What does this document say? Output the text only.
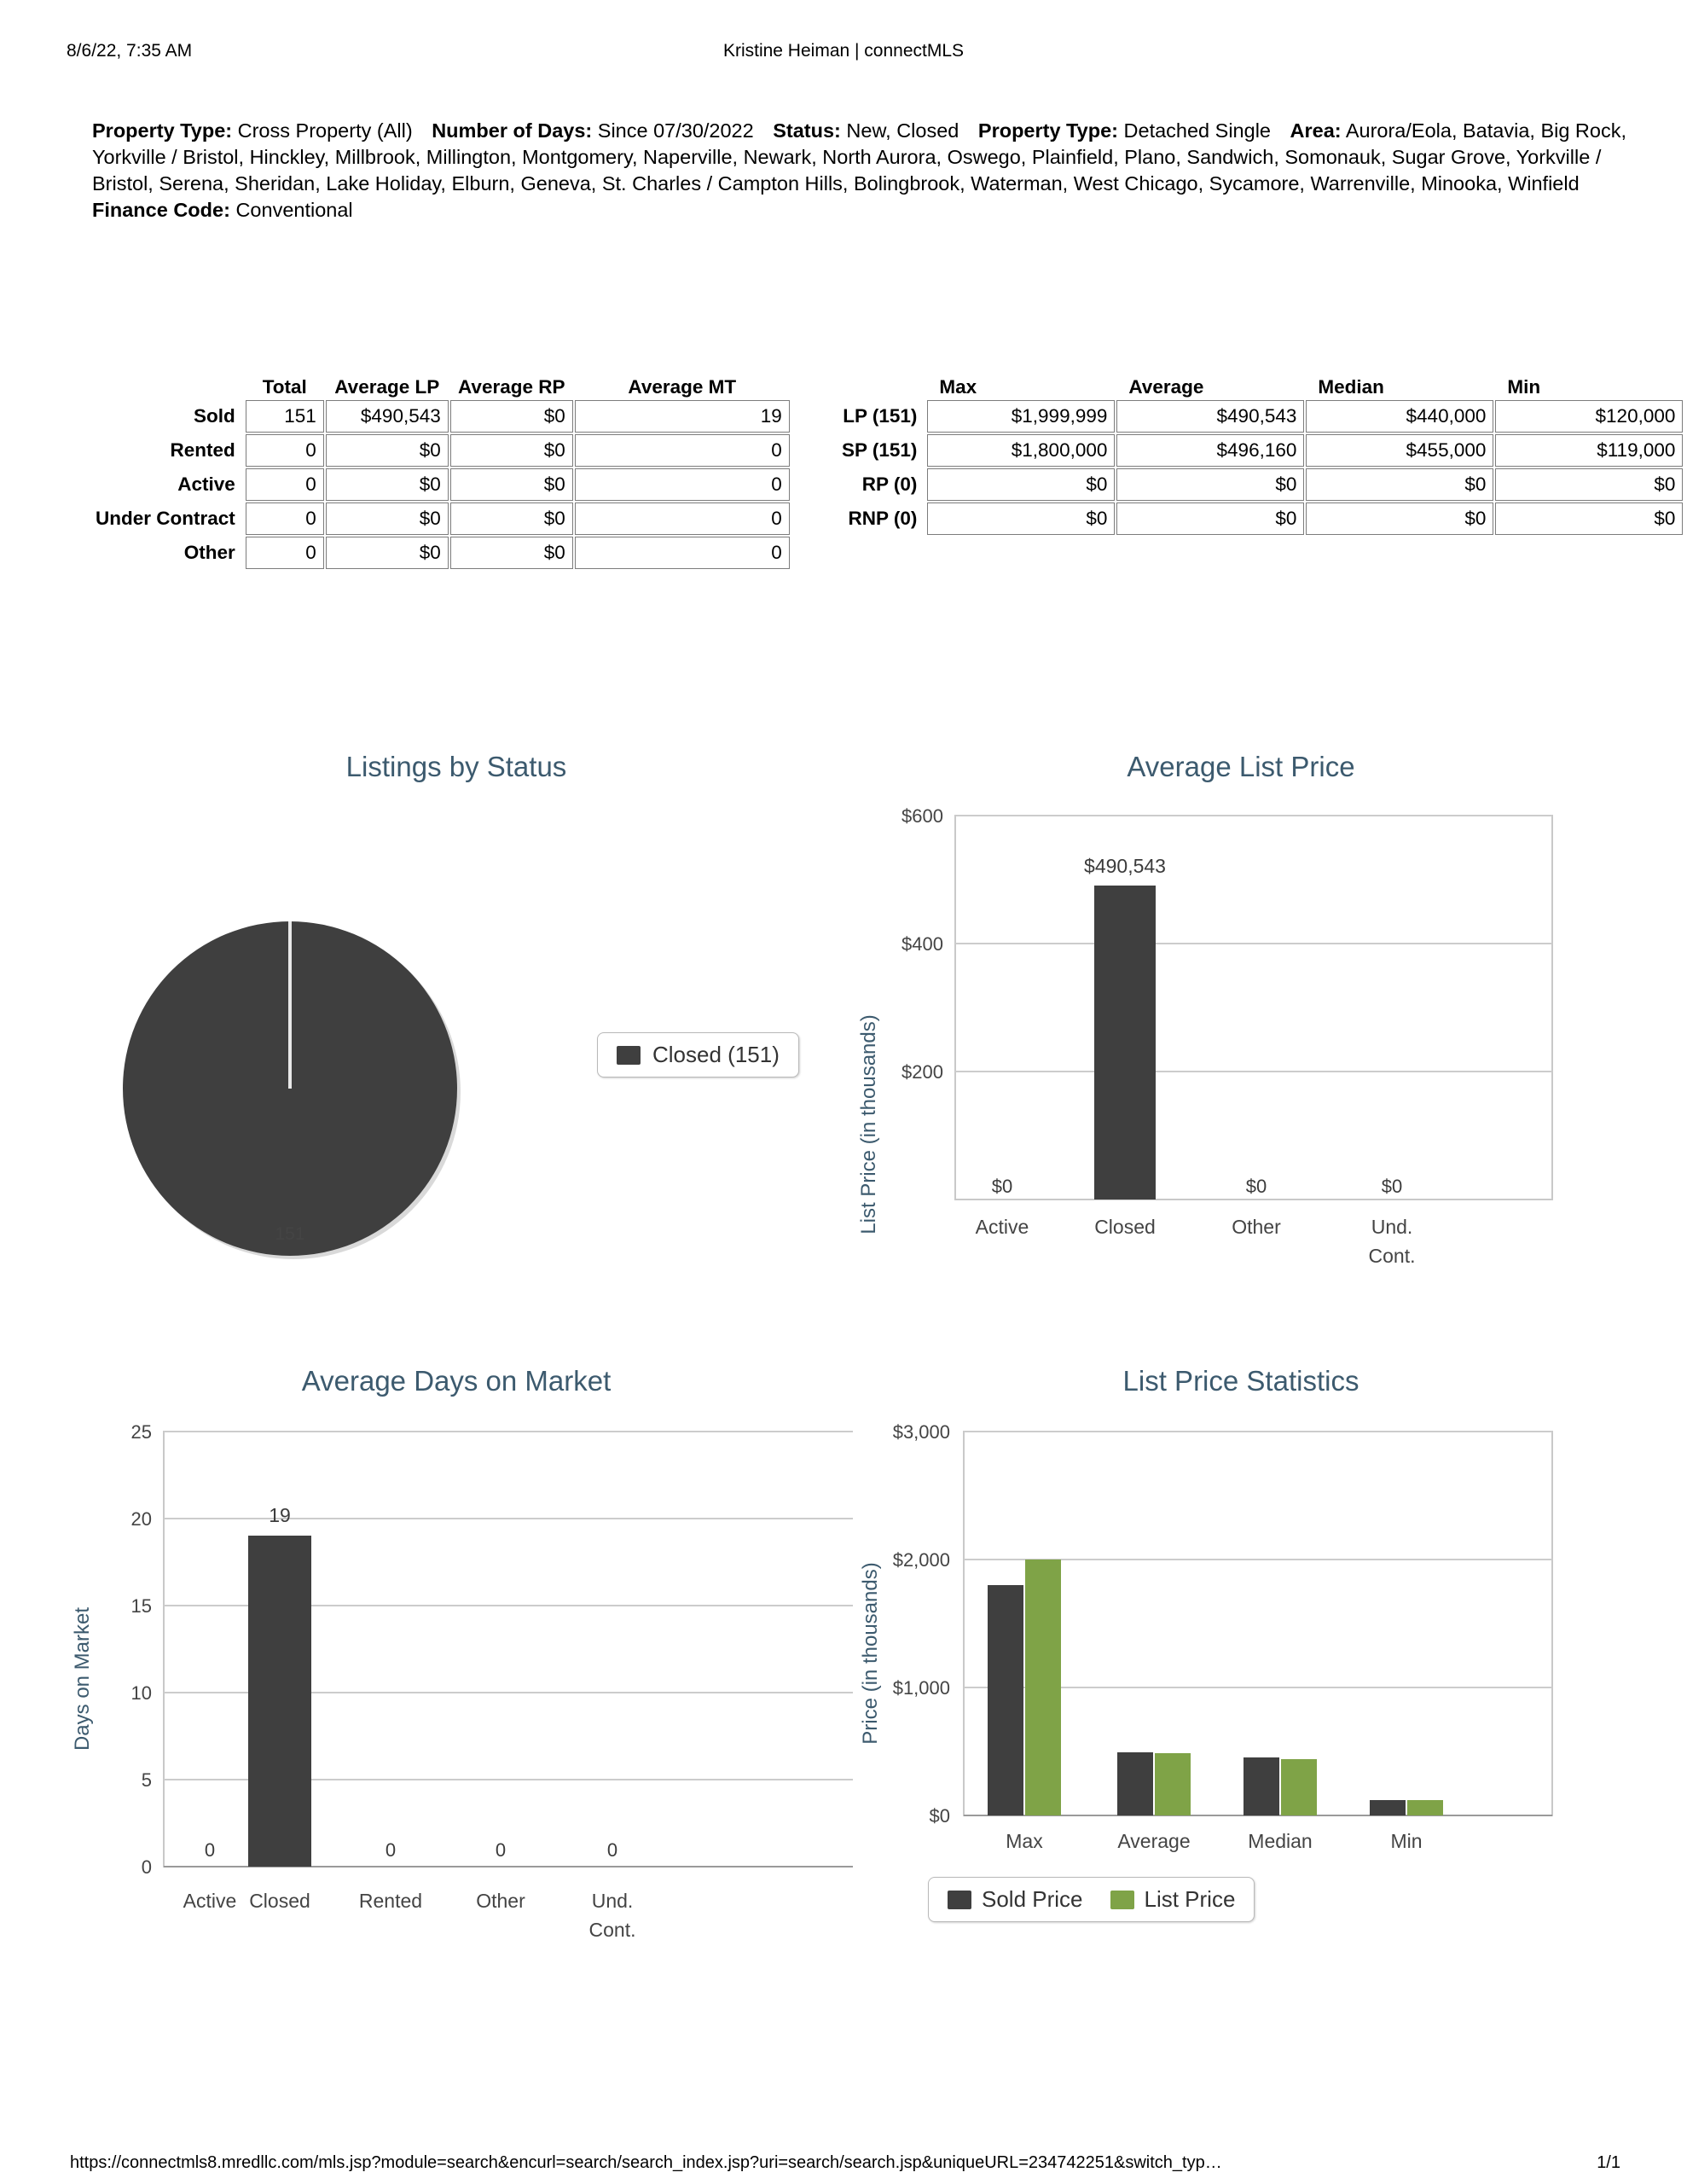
8/6/22, 7:35 AM	Kristine Heiman | connectMLS
Property Type: Cross Property (All) Number of Days: Since 07/30/2022 Status: New, Closed Property Type: Detached Single Area: Aurora/Eola, Batavia, Big Rock, Yorkville / Bristol, Hinckley, Millbrook, Millington, Montgomery, Naperville, Newark, North Aurora, Oswego, Plainfield, Plano, Sandwich, Somonauk, Sugar Grove, Yorkville / Bristol, Serena, Sheridan, Lake Holiday, Elburn, Geneva, St. Charles / Campton Hills, Bolingbrook, Waterman, West Chicago, Sycamore, Warrenville, Minooka, Winfield Finance Code: Conventional
	Total	Average LP	Average RP	Average MT
Sold	151	$490,543	$0	19
Rented	0	$0	$0	0
Active	0	$0	$0	0
Under Contract	0	$0	$0	0
Other	0	$0	$0	0
	Max	Average	Median	Min
LP (151)	$1,999,999	$490,543	$440,000	$120,000
SP (151)	$1,800,000	$496,160	$455,000	$119,000
RP (0)	$0	$0	$0	$0
RNP (0)	$0	$0	$0	$0
Listings by Status
151
Closed (151)
Average List Price
List Price (in thousands)
$600
$400
$200
$0
$490,543
$0	$0
Active	Closed	Other	Und.
Cont.
Average Days on Market
Days on Market
25
20
15
10
5
0
0
19
0	0	0
Active Closed Rented	Other	Und.
Cont.
List Price Statistics
Price (in thousands)
$3,000
$2,000
$1,000
$0
Max	Average	Median	Min
Sold Price	List Price
https://connectmls8.mredllc.com/mls.jsp?module=search&encurl=search/search_index.jsp?uri=search/search.jsp&uniqueURL=234742251&switch_typ…	1/1
